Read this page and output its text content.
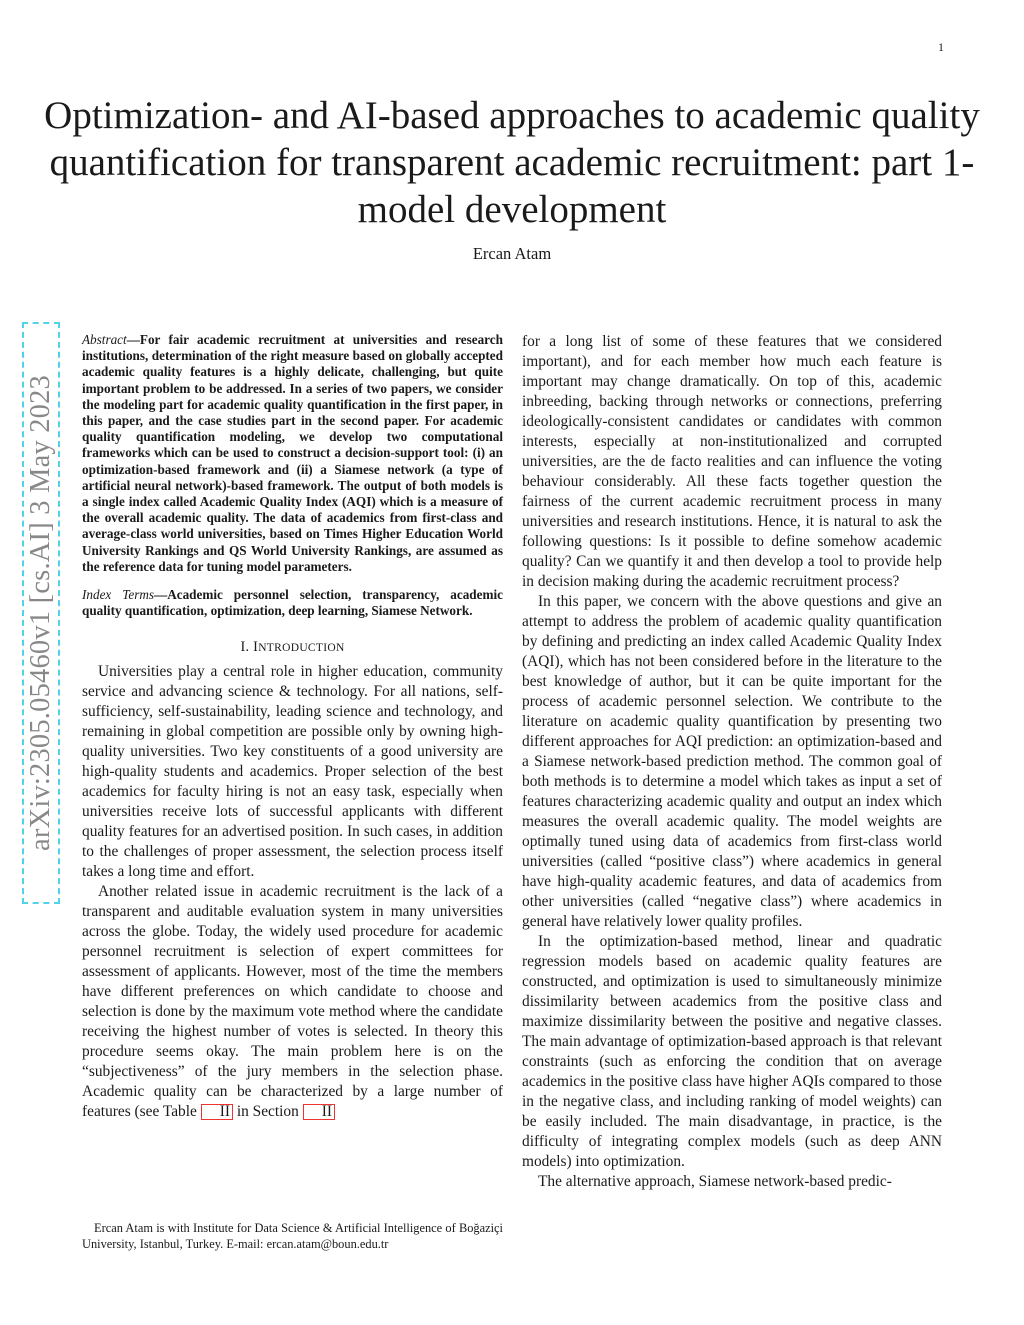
1
arXiv:2305.05460v1 [cs.AI] 3 May 2023
Optimization- and AI-based approaches to academic quality quantification for transparent academic recruitment: part 1-model development
Ercan Atam

Abstract—For fair academic recruitment at universities and research institutions, determination of the right measure based on globally accepted academic quality features is a highly delicate, challenging, but quite important problem to be addressed. In a series of two papers, we consider the modeling part for academic quality quantification in the first paper, in this paper, and the case studies part in the second paper. For academic quality quantification modeling, we develop two computational frameworks which can be used to construct a decision-support tool: (i) an optimization-based framework and (ii) a Siamese network (a type of artificial neural network)-based framework. The output of both models is a single index called Academic Quality Index (AQI) which is a measure of the overall academic quality. The data of academics from first-class and average-class world universities, based on Times Higher Education World University Rankings and QS World University Rankings, are assumed as the reference data for tuning model parameters.

Index Terms—Academic personnel selection, transparency, academic quality quantification, optimization, deep learning, Siamese Network.

I. INTRODUCTION

Universities play a central role in higher education, community service and advancing science & technology. For all nations, self-sufficiency, self-sustainability, leading science and technology, and remaining in global competition are possible only by owning high-quality universities. Two key constituents of a good university are high-quality students and academics. Proper selection of the best academics for faculty hiring is not an easy task, especially when universities receive lots of successful applicants with different quality features for an advertised position. In such cases, in addition to the challenges of proper assessment, the selection process itself takes a long time and effort.

Another related issue in academic recruitment is the lack of a transparent and auditable evaluation system in many universities across the globe. Today, the widely used procedure for academic personnel recruitment is selection of expert committees for assessment of applicants. However, most of the time the members have different preferences on which candidate to choose and selection is done by the maximum vote method where the candidate receiving the highest number of votes is selected. In theory this procedure seems okay. The main problem here is on the “subjectiveness” of the jury members in the selection phase. Academic quality can be characterized by a large number of features (see Table II in Section II

Ercan Atam is with Institute for Data Science & Artificial Intelligence of Boğaziçi University, Istanbul, Turkey. E-mail: ercan.atam@boun.edu.tr

for a long list of some of these features that we considered important), and for each member how much each feature is important may change dramatically. On top of this, academic inbreeding, backing through networks or connections, preferring ideologically-consistent candidates or candidates with common interests, especially at non-institutionalized and corrupted universities, are the de facto realities and can influence the voting behaviour considerably. All these facts together question the fairness of the current academic recruitment process in many universities and research institutions. Hence, it is natural to ask the following questions: Is it possible to define somehow academic quality? Can we quantify it and then develop a tool to provide help in decision making during the academic recruitment process?

In this paper, we concern with the above questions and give an attempt to address the problem of academic quality quantification by defining and predicting an index called Academic Quality Index (AQI), which has not been considered before in the literature to the best knowledge of author, but it can be quite important for the process of academic personnel selection. We contribute to the literature on academic quality quantification by presenting two different approaches for AQI prediction: an optimization-based and a Siamese network-based prediction method. The common goal of both methods is to determine a model which takes as input a set of features characterizing academic quality and output an index which measures the overall academic quality. The model weights are optimally tuned using data of academics from first-class world universities (called “positive class”) where academics in general have high-quality academic features, and data of academics from other universities (called “negative class”) where academics in general have relatively lower quality profiles.

In the optimization-based method, linear and quadratic regression models based on academic quality features are constructed, and optimization is used to simultaneously minimize dissimilarity between academics from the positive class and maximize dissimilarity between the positive and negative classes. The main advantage of optimization-based approach is that relevant constraints (such as enforcing the condition that on average academics in the positive class have higher AQIs compared to those in the negative class, and including ranking of model weights) can be easily included. The main disadvantage, in practice, is the difficulty of integrating complex models (such as deep ANN models) into optimization.

The alternative approach, Siamese network-based predic-
